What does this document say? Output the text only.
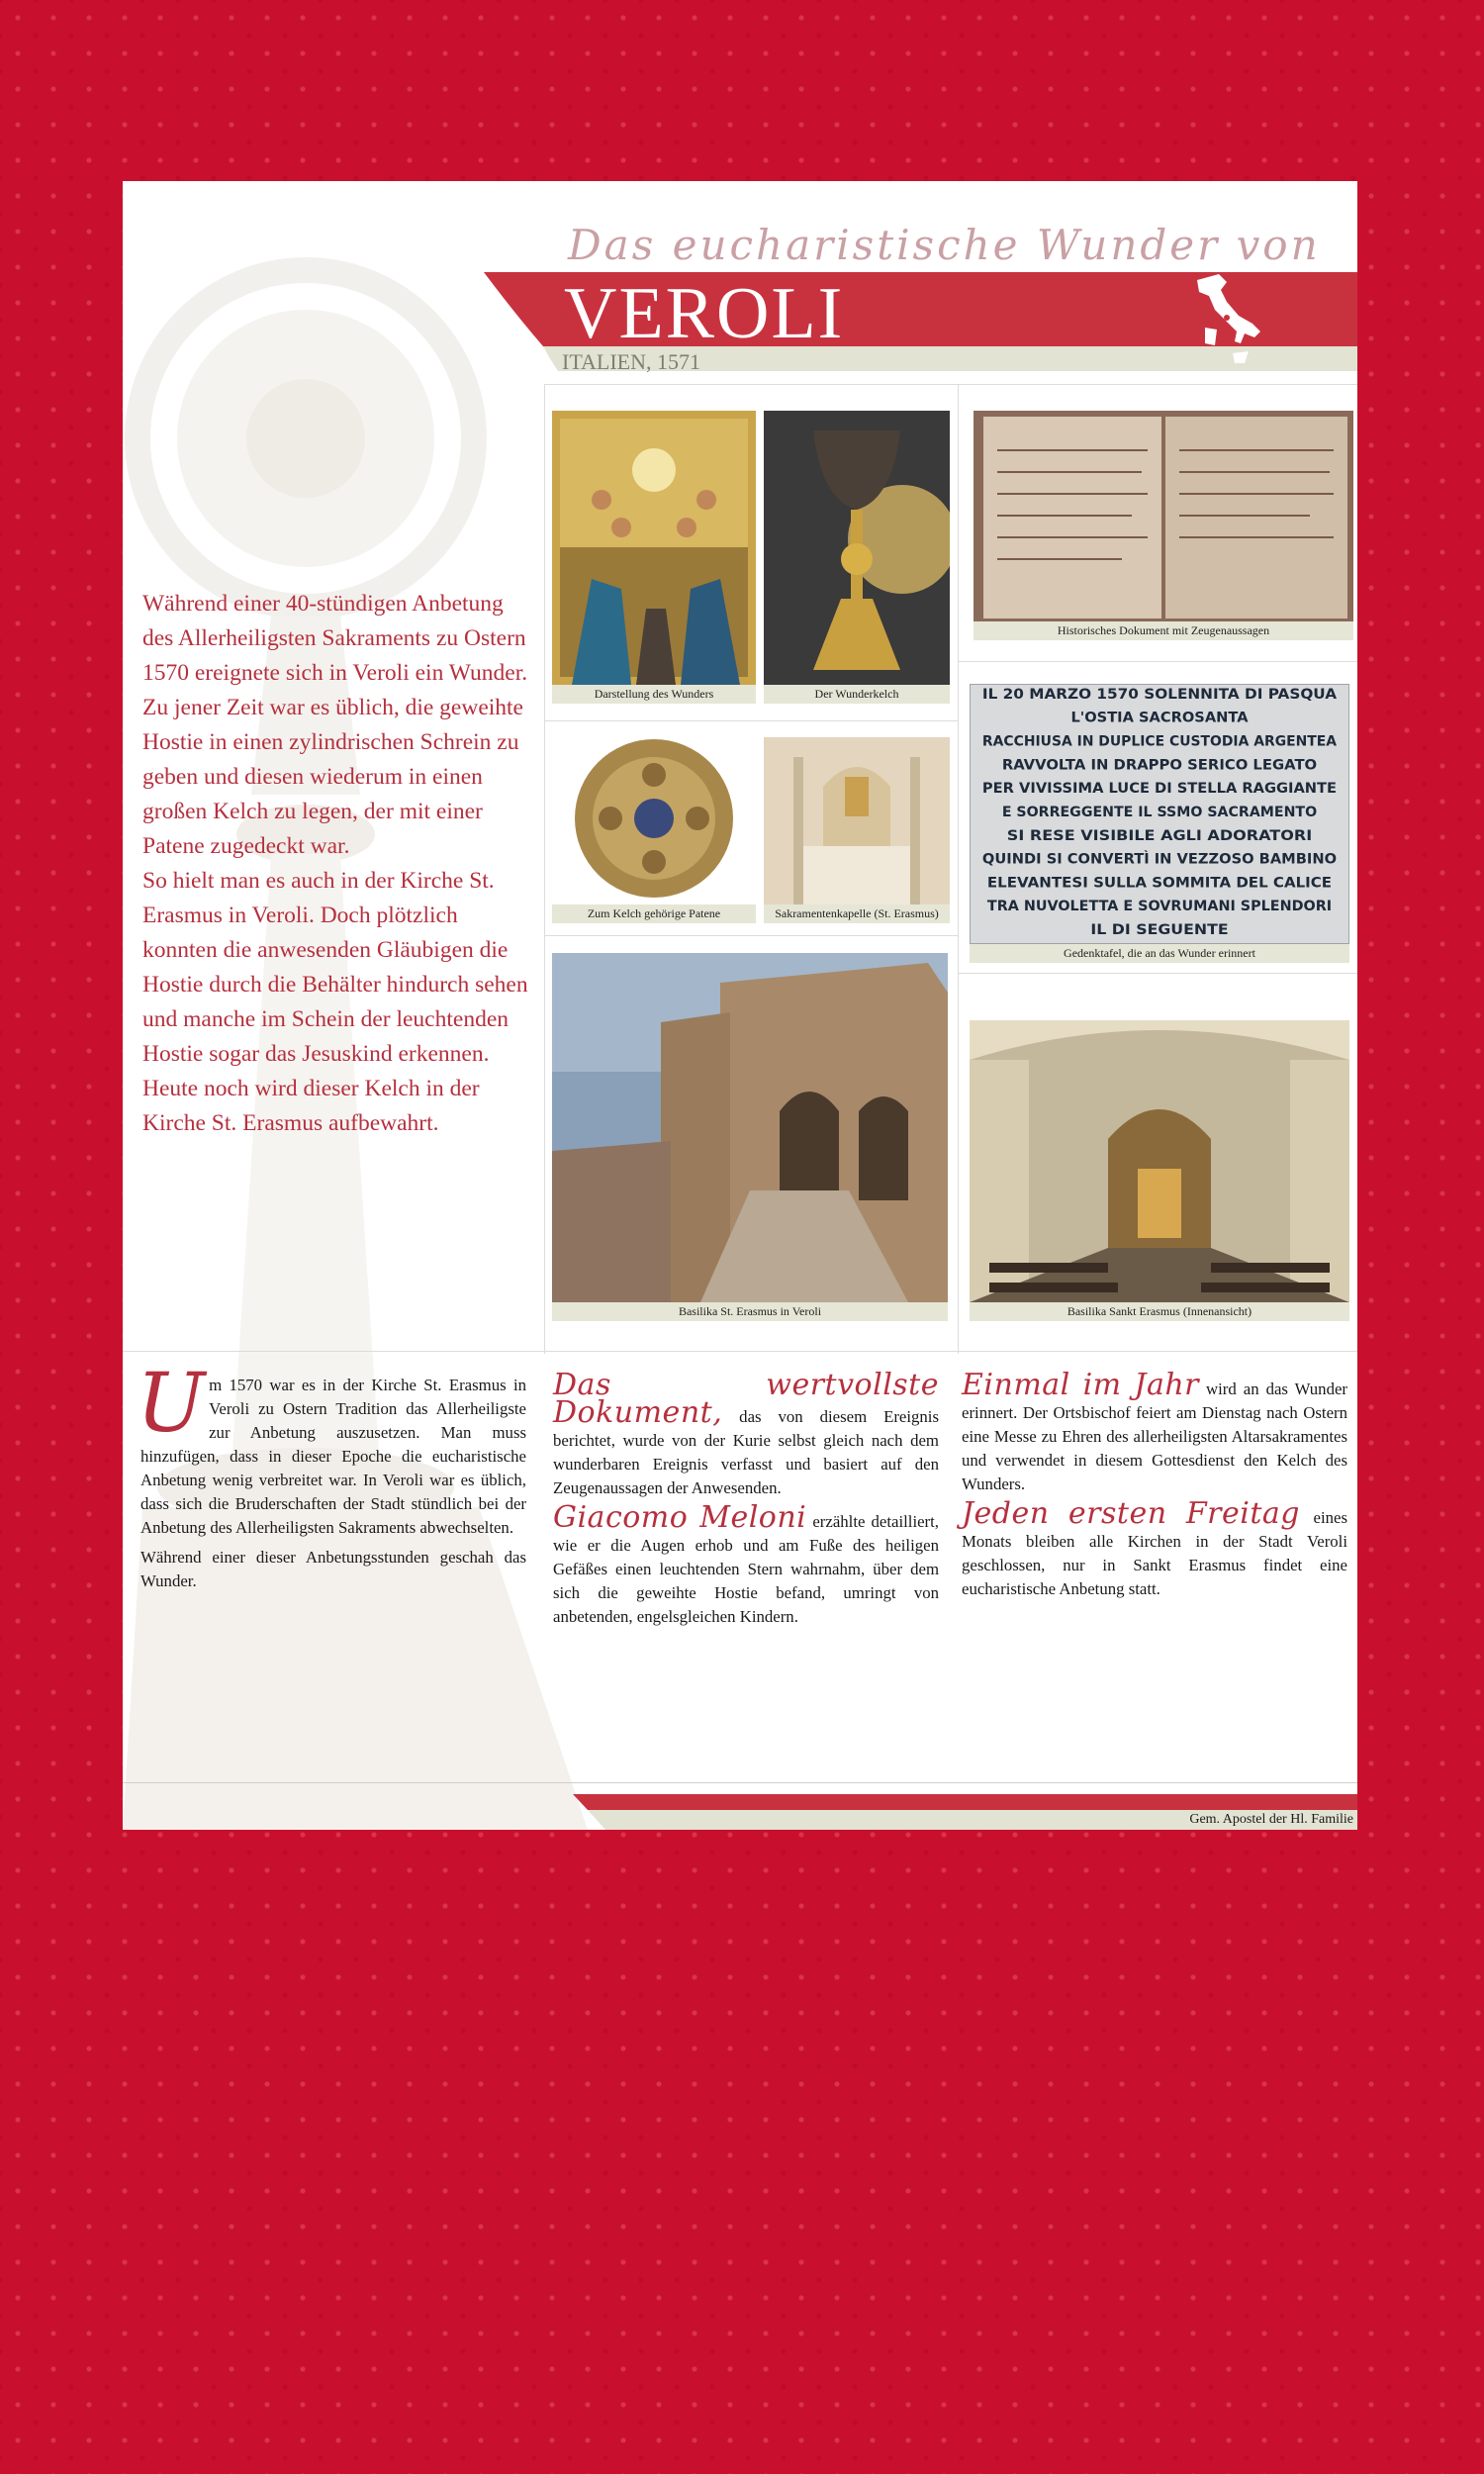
Das eucharistische Wunder von
VEROLI
ITALIEN, 1571

Während einer 40-stündigen Anbetung des Allerheiligsten Sakraments zu Ostern 1570 ereignete sich in Veroli ein Wunder.

Zu jener Zeit war es üblich, die geweihte Hostie in einen zylindrischen Schrein zu geben und diesen wiederum in einen großen Kelch zu legen, der mit einer Patene zugedeckt war.

So hielt man es auch in der Kirche St. Erasmus in Veroli. Doch plötzlich konnten die anwesenden Gläubigen die Hostie durch die Behälter hindurch sehen und manche im Schein der leuchtenden Hostie sogar das Jesuskind erkennen.

Heute noch wird dieser Kelch in der Kirche St. Erasmus aufbewahrt.

Darstellung des Wunders	Der Wunderkelch
Historisches Dokument mit Zeugenaussagen
Zum Kelch gehörige Patene	Sakramentenkapelle (St. Erasmus)
IL 20 MARZO 1570 SOLENNITA DI PASQUA
L'OSTIA SACROSANTA
RACCHIUSA IN DUPLICE CUSTODIA ARGENTEA
RAVVOLTA IN DRAPPO SERICO LEGATO
PER VIVISSIMA LUCE DI STELLA RAGGIANTE
E SORREGGENTE IL SSMO SACRAMENTO
SI RESE VISIBILE AGLI ADORATORI
QUINDI SI CONVERTÌ IN VEZZOSO BAMBINO
ELEVANTESI SULLA SOMMITA DEL CALICE
TRA NUVOLETTA E SOVRUMANI SPLENDORI
IL DI SEGUENTE
Gedenktafel, die an das Wunder erinnert
Basilika St. Erasmus in Veroli	Basilika Sankt Erasmus (Innenansicht)

Um 1570 war es in der Kirche St. Erasmus in Veroli zu Ostern Tradition das Allerheiligste zur Anbetung auszusetzen. Man muss hinzufügen, dass in dieser Epoche die eucharistische Anbetung wenig verbreitet war. In Veroli war es üblich, dass sich die Bruderschaften der Stadt stündlich bei der Anbetung des Allerheiligsten Sakraments abwechselten.

Während einer dieser Anbetungsstunden geschah das Wunder.

Das wertvollste Dokument, das von diesem Ereignis berichtet, wurde von der Kurie selbst gleich nach dem wunderbaren Ereignis verfasst und basiert auf den Zeugenaussagen der Anwesenden.

Giacomo Meloni erzählte detailliert, wie er die Augen erhob und am Fuße des heiligen Gefäßes einen leuchtenden Stern wahrnahm, über dem sich die geweihte Hostie befand, umringt von anbetenden, engelsgleichen Kindern.

Einmal im Jahr wird an das Wunder erinnert. Der Ortsbischof feiert am Dienstag nach Ostern eine Messe zu Ehren des allerheiligsten Altarsakramentes und verwendet in diesem Gottesdienst den Kelch des Wunders.

Jeden ersten Freitag eines Monats bleiben alle Kirchen in der Stadt Veroli geschlossen, nur in Sankt Erasmus findet eine eucharistische Anbetung statt.

Gem. Apostel der Hl. Familie
